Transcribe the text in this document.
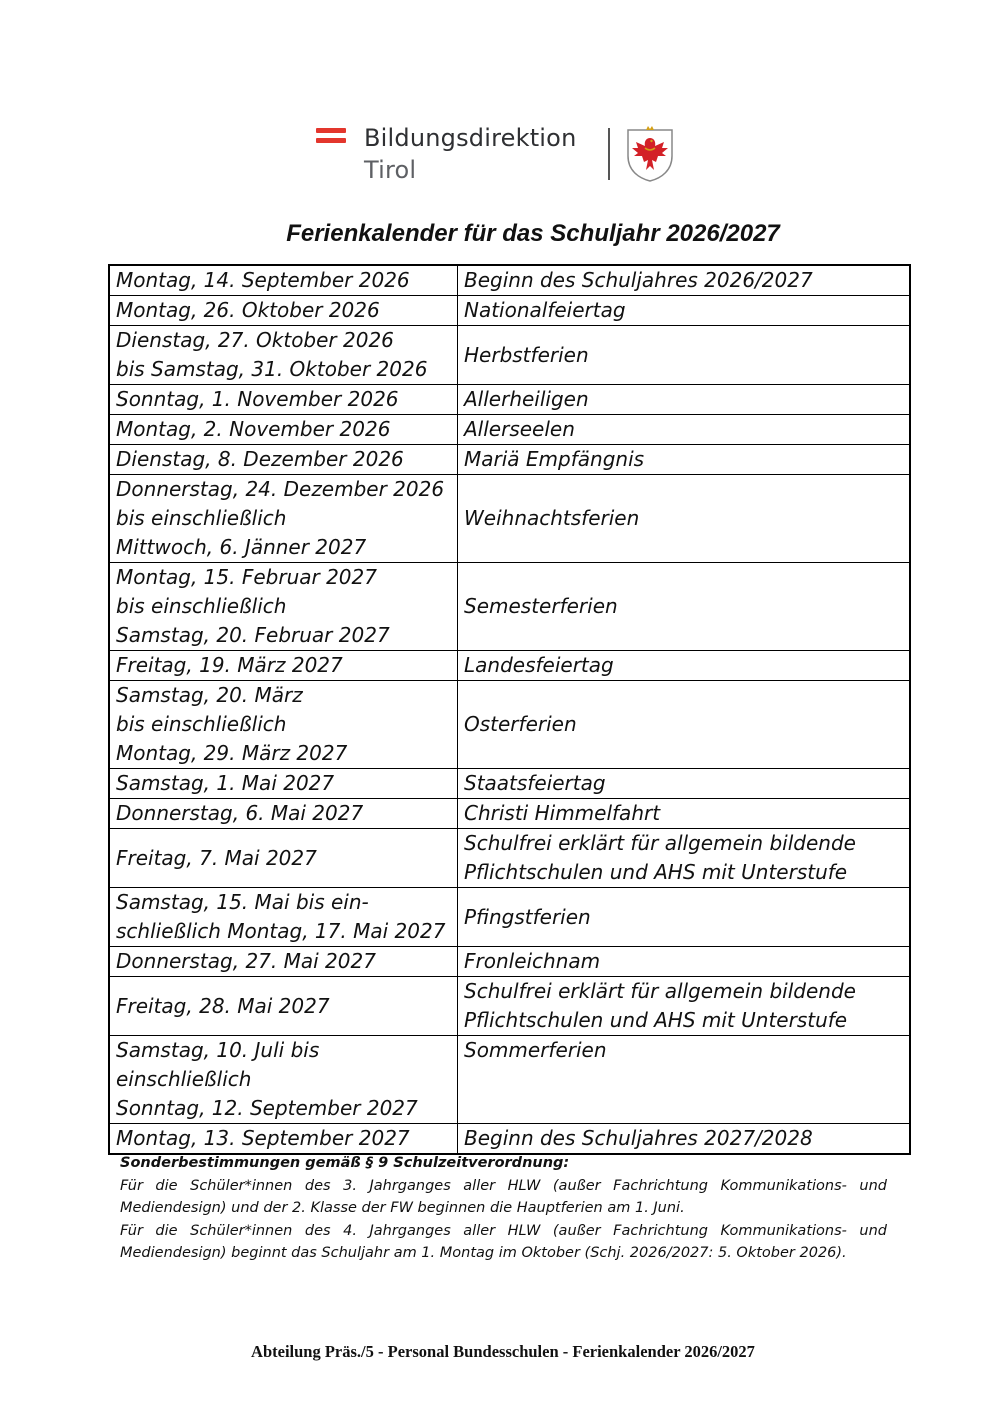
Bildungsdirektion
Tirol
Ferienkalender für das Schuljahr 2026/2027
Montag, 14. September 2026	Beginn des Schuljahres 2026/2027

Montag, 26. Oktober 2026	Nationalfeiertag

Dienstag, 27. Oktober 2026
bis Samstag, 31. Oktober 2026	Herbstferien

Sonntag, 1. November 2026	Allerheiligen

Montag, 2. November 2026	Allerseelen

Dienstag, 8. Dezember 2026	Mariä Empfängnis

Donnerstag, 24. Dezember 2026
bis einschließlich
Mittwoch, 6. Jänner 2027	Weihnachtsferien

Montag, 15. Februar 2027
bis einschließlich
Samstag, 20. Februar 2027	Semesterferien

Freitag, 19. März 2027	Landesfeiertag

Samstag, 20. März
bis einschließlich
Montag, 29. März 2027	Osterferien

Samstag, 1. Mai 2027	Staatsfeiertag

Donnerstag, 6. Mai 2027	Christi Himmelfahrt

Freitag, 7. Mai 2027	Schulfrei erklärt für allgemein bildende
Pflichtschulen und AHS mit Unterstufe

Samstag, 15. Mai bis ein-
schließlich Montag, 17. Mai 2027	Pfingstferien

Donnerstag, 27. Mai 2027	Fronleichnam

Freitag, 28. Mai 2027	Schulfrei erklärt für allgemein bildende
Pflichtschulen und AHS mit Unterstufe

Samstag, 10. Juli bis einschließlich
Sonntag, 12. September 2027	Sommerferien

Montag, 13. September 2027	Beginn des Schuljahres 2027/2028

Sonderbestimmungen gemäß § 9 Schulzeitverordnung:

Für die Schüler*innen des 3. Jahrganges aller HLW (außer Fachrichtung Kommunikations- und Mediendesign) und der 2. Klasse der FW beginnen die Hauptferien am 1. Juni.

Für die Schüler*innen des 4. Jahrganges aller HLW (außer Fachrichtung Kommunikations- und Mediendesign) beginnt das Schuljahr am 1. Montag im Oktober (Schj. 2026/2027: 5. Oktober 2026).

Abteilung Präs./5 - Personal Bundesschulen - Ferienkalender 2026/2027
